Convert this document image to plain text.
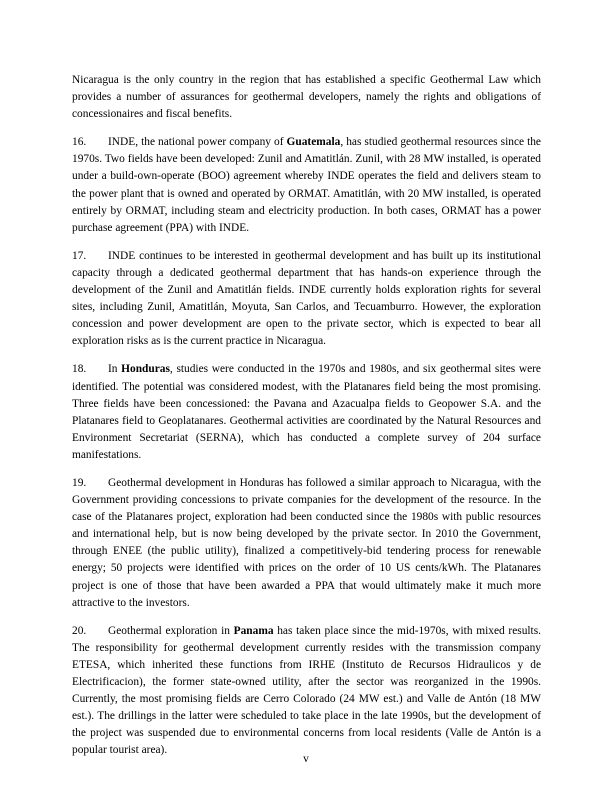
Nicaragua is the only country in the region that has established a specific Geothermal Law which provides a number of assurances for geothermal developers, namely the rights and obligations of concessionaires and fiscal benefits.

16. INDE, the national power company of Guatemala, has studied geothermal resources since the 1970s. Two fields have been developed: Zunil and Amatitlán. Zunil, with 28 MW installed, is operated under a build-own-operate (BOO) agreement whereby INDE operates the field and delivers steam to the power plant that is owned and operated by ORMAT. Amatitlán, with 20 MW installed, is operated entirely by ORMAT, including steam and electricity production. In both cases, ORMAT has a power purchase agreement (PPA) with INDE.

17. INDE continues to be interested in geothermal development and has built up its institutional capacity through a dedicated geothermal department that has hands-on experience through the development of the Zunil and Amatitlán fields. INDE currently holds exploration rights for several sites, including Zunil, Amatitlán, Moyuta, San Carlos, and Tecuamburro. However, the exploration concession and power development are open to the private sector, which is expected to bear all exploration risks as is the current practice in Nicaragua.

18. In Honduras, studies were conducted in the 1970s and 1980s, and six geothermal sites were identified. The potential was considered modest, with the Platanares field being the most promising. Three fields have been concessioned: the Pavana and Azacualpa fields to Geopower S.A. and the Platanares field to Geoplatanares. Geothermal activities are coordinated by the Natural Resources and Environment Secretariat (SERNA), which has conducted a complete survey of 204 surface manifestations.

19. Geothermal development in Honduras has followed a similar approach to Nicaragua, with the Government providing concessions to private companies for the development of the resource. In the case of the Platanares project, exploration had been conducted since the 1980s with public resources and international help, but is now being developed by the private sector. In 2010 the Government, through ENEE (the public utility), finalized a competitively-bid tendering process for renewable energy; 50 projects were identified with prices on the order of 10 US cents/kWh. The Platanares project is one of those that have been awarded a PPA that would ultimately make it much more attractive to the investors.

20. Geothermal exploration in Panama has taken place since the mid-1970s, with mixed results. The responsibility for geothermal development currently resides with the transmission company ETESA, which inherited these functions from IRHE (Instituto de Recursos Hidraulicos y de Electrificacion), the former state-owned utility, after the sector was reorganized in the 1990s. Currently, the most promising fields are Cerro Colorado (24 MW est.) and Valle de Antón (18 MW est.). The drillings in the latter were scheduled to take place in the late 1990s, but the development of the project was suspended due to environmental concerns from local residents (Valle de Antón is a popular tourist area).

v
